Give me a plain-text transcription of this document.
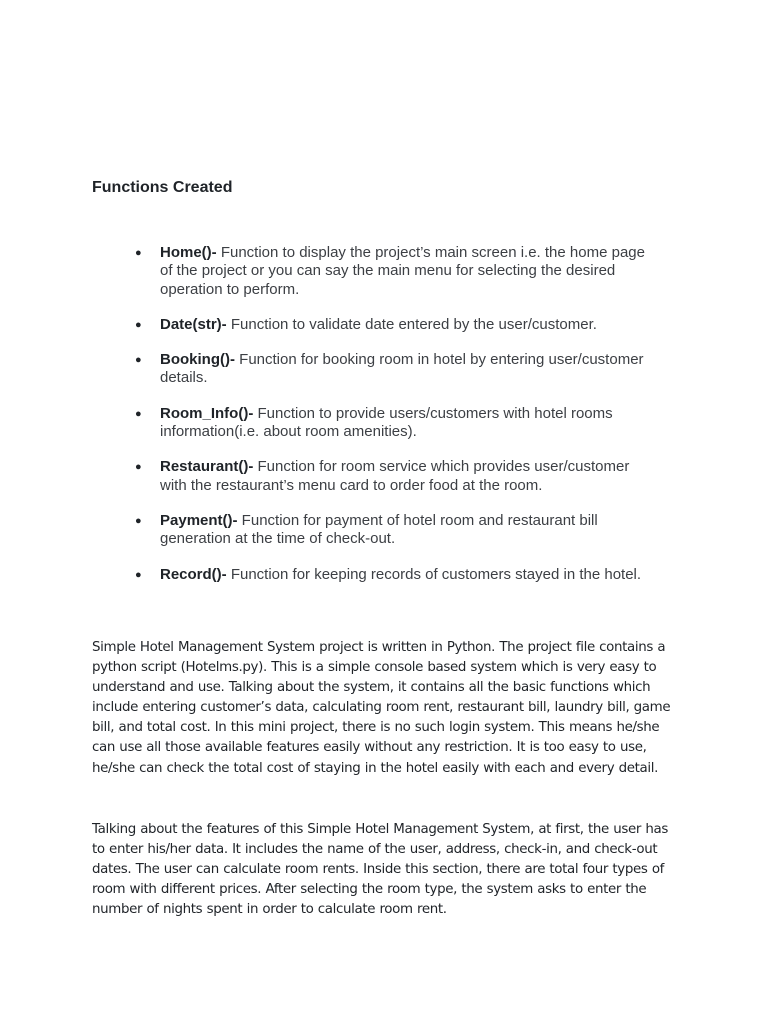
Functions Created
● Home()- Function to display the project’s main screen i.e. the home page of the project or you can say the main menu for selecting the desired operation to perform.
● Date(str)- Function to validate date entered by the user/customer.
● Booking()- Function for booking room in hotel by entering user/customer details.
● Room_Info()- Function to provide users/customers with hotel rooms information(i.e. about room amenities).
● Restaurant()- Function for room service which provides user/customer with the restaurant’s menu card to order food at the room.
● Payment()- Function for payment of hotel room and restaurant bill generation at the time of check-out.
● Record()- Function for keeping records of customers stayed in the hotel.

Simple Hotel Management System project is written in Python. The project file contains a python script (Hotelms.py). This is a simple console based system which is very easy to understand and use. Talking about the system, it contains all the basic functions which include entering customer’s data, calculating room rent, restaurant bill, laundry bill, game bill, and total cost. In this mini project, there is no such login system. This means he/she can use all those available features easily without any restriction. It is too easy to use, he/she can check the total cost of staying in the hotel easily with each and every detail.

Talking about the features of this Simple Hotel Management System, at first, the user has to enter his/her data. It includes the name of the user, address, check-in, and check-out dates. The user can calculate room rents. Inside this section, there are total four types of room with different prices. After selecting the room type, the system asks to enter the number of nights spent in order to calculate room rent.
